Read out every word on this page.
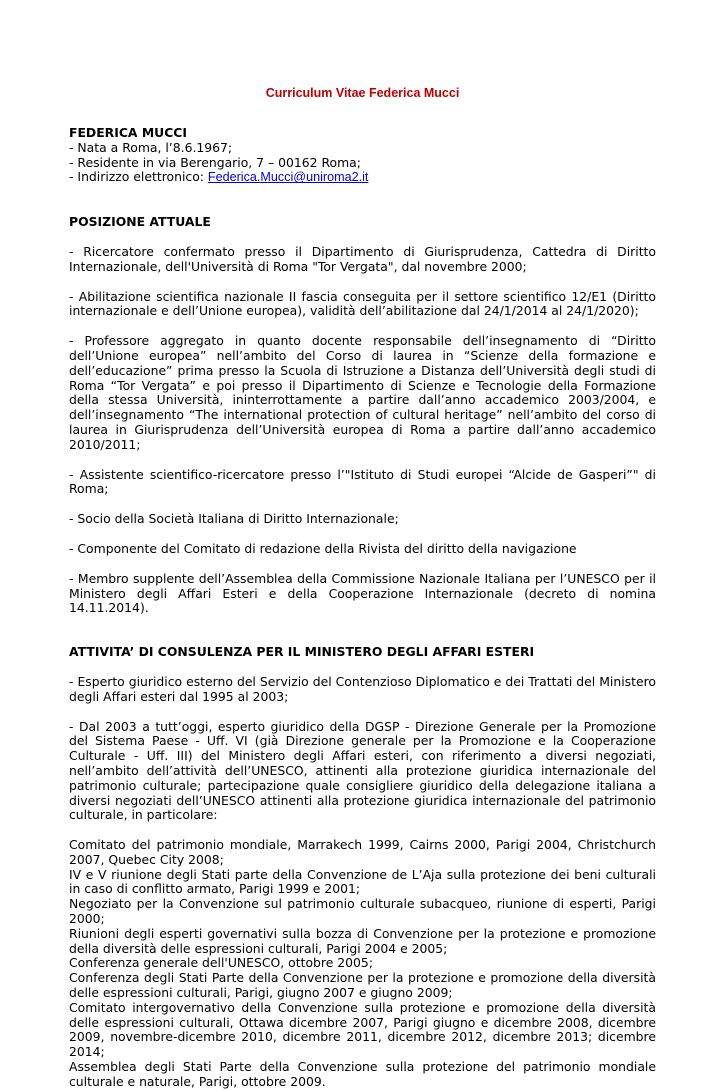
Curriculum Vitae Federica Mucci

FEDERICA MUCCI

- Nata a Roma, l’8.6.1967;

- Residente in via Berengario, 7 – 00162 Roma;

- Indirizzo elettronico: Federica.Mucci@uniroma2.it

POSIZIONE ATTUALE

- Ricercatore confermato presso il Dipartimento di Giurisprudenza, Cattedra di Diritto Internazionale, dell'Università di Roma "Tor Vergata", dal novembre 2000;

- Abilitazione scientifica nazionale II fascia conseguita per il settore scientifico 12/E1 (Diritto internazionale e dell’Unione europea), validità dell’abilitazione dal 24/1/2014 al 24/1/2020);

- Professore aggregato in quanto docente responsabile dell’insegnamento di “Diritto dell’Unione europea” nell’ambito del Corso di laurea in “Scienze della formazione e dell’educazione” prima presso la Scuola di Istruzione a Distanza dell’Università degli studi di Roma “Tor Vergata” e poi presso il Dipartimento di Scienze e Tecnologie della Formazione della stessa Università, ininterrottamente a partire dall’anno accademico 2003/2004, e dell’insegnamento “The international protection of cultural heritage” nell’ambito del corso di laurea in Giurisprudenza dell’Università europea di Roma a partire dall’anno accademico 2010/2011;

- Assistente scientifico-ricercatore presso l’"Istituto di Studi europei “Alcide de Gasperi”" di Roma;

- Socio della Società Italiana di Diritto Internazionale;

- Componente del Comitato di redazione della Rivista del diritto della navigazione

- Membro supplente dell’Assemblea della Commissione Nazionale Italiana per l’UNESCO per il Ministero degli Affari Esteri e della Cooperazione Internazionale (decreto di nomina 14.11.2014).

ATTIVITA’ DI CONSULENZA PER IL MINISTERO DEGLI AFFARI ESTERI

- Esperto giuridico esterno del Servizio del Contenzioso Diplomatico e dei Trattati del Ministero degli Affari esteri dal 1995 al 2003;

- Dal 2003 a tutt’oggi, esperto giuridico della DGSP - Direzione Generale per la Promozione del Sistema Paese - Uff. VI (già Direzione generale per la Promozione e la Cooperazione Culturale - Uff. III) del Ministero degli Affari esteri, con riferimento a diversi negoziati, nell’ambito dell’attività dell’UNESCO, attinenti alla protezione giuridica internazionale del patrimonio culturale; partecipazione quale consigliere giuridico della delegazione italiana a diversi negoziati dell’UNESCO attinenti alla protezione giuridica internazionale del patrimonio culturale, in particolare:

Comitato del patrimonio mondiale, Marrakech 1999, Cairns 2000, Parigi 2004, Christchurch 2007, Quebec City 2008;

IV e V riunione degli Stati parte della Convenzione de L’Aja sulla protezione dei beni culturali in caso di conflitto armato, Parigi 1999 e 2001;

Negoziato per la Convenzione sul patrimonio culturale subacqueo, riunione di esperti, Parigi 2000;

Riunioni degli esperti governativi sulla bozza di Convenzione per la protezione e promozione della diversità delle espressioni culturali, Parigi 2004 e 2005;

Conferenza generale dell'UNESCO, ottobre 2005;

Conferenza degli Stati Parte della Convenzione per la protezione e promozione della diversità delle espressioni culturali, Parigi, giugno 2007 e giugno 2009;

Comitato intergovernativo della Convenzione sulla protezione e promozione della diversità delle espressioni culturali, Ottawa dicembre 2007, Parigi giugno e dicembre 2008, dicembre 2009, novembre-dicembre 2010, dicembre 2011, dicembre 2012, dicembre 2013; dicembre 2014;

Assemblea degli Stati Parte della Convenzione sulla protezione del patrimonio mondiale culturale e naturale, Parigi, ottobre 2009.
